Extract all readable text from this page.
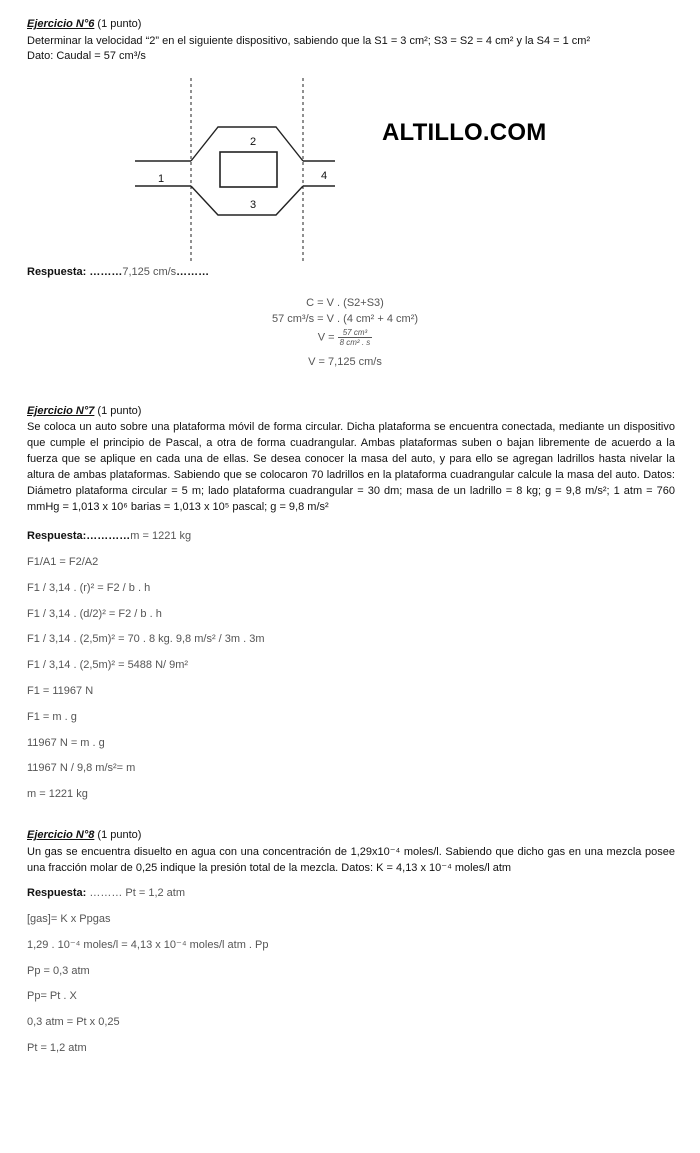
Ejercicio N°6 (1 punto)
Determinar la velocidad “2” en el siguiente dispositivo, sabiendo que la S1 = 3 cm²; S3 = S2 = 4 cm² y la S4 = 1 cm²
Dato: Caudal = 57 cm³/s
1
2
3
4
ALTILLO.COM
Respuesta: ………7,125 cm/s………
C = V . (S2+S3)
57 cm³/s = V . (4 cm² + 4 cm²)
$V = \frac{\text{57 cm³}}{\text{8 cm² . s}}$
V = 7,125 cm/s
Ejercicio N°7 (1 punto)
Se coloca un auto sobre una plataforma móvil de forma circular. Dicha plataforma se encuentra conectada, mediante un dispositivo que cumple el principio de Pascal, a otra de forma cuadrangular. Ambas plataformas suben o bajan libremente de acuerdo a la fuerza que se aplique en cada una de ellas. Se desea conocer la masa del auto, y para ello se agregan ladrillos hasta nivelar la altura de ambas plataformas. Sabiendo que se colocaron 70 ladrillos en la plataforma cuadrangular calcule la masa del auto. Datos: Diámetro plataforma circular = 5 m; lado plataforma cuadrangular = 30 dm; masa de un ladrillo = 8 kg; g = 9,8 m/s²; 1 atm = 760 mmHg = 1,013 x 10⁶ barias = 1,013 x 10⁵ pascal; g = 9,8 m/s²
Respuesta:…………m = 1221 kg
F1/A1 = F2/A2
F1 / 3,14 . (r)² = F2 / b . h
F1 / 3,14 . (d/2)² = F2 / b . h
F1 / 3,14 . (2,5m)² = 70 . 8 kg. 9,8 m/s² / 3m . 3m
F1 / 3,14 . (2,5m)² = 5488 N/ 9m²
F1 = 11967 N
F1 = m . g
11967 N = m . g
11967 N / 9,8 m/s²= m
m = 1221 kg
Ejercicio N°8 (1 punto)
Un gas se encuentra disuelto en agua con una concentración de 1,29x10⁻⁴ moles/l. Sabiendo que dicho gas en una mezcla posee una fracción molar de 0,25 indique la presión total de la mezcla. Datos: K = 4,13 x 10⁻⁴ moles/l atm
Respuesta: ……… Pt = 1,2 atm
[gas]= K x Ppgas
1,29 . 10⁻⁴ moles/l = 4,13 x 10⁻⁴ moles/l atm . Pp
Pp = 0,3 atm
Pp= Pt . X
0,3 atm = Pt x 0,25
Pt = 1,2 atm
